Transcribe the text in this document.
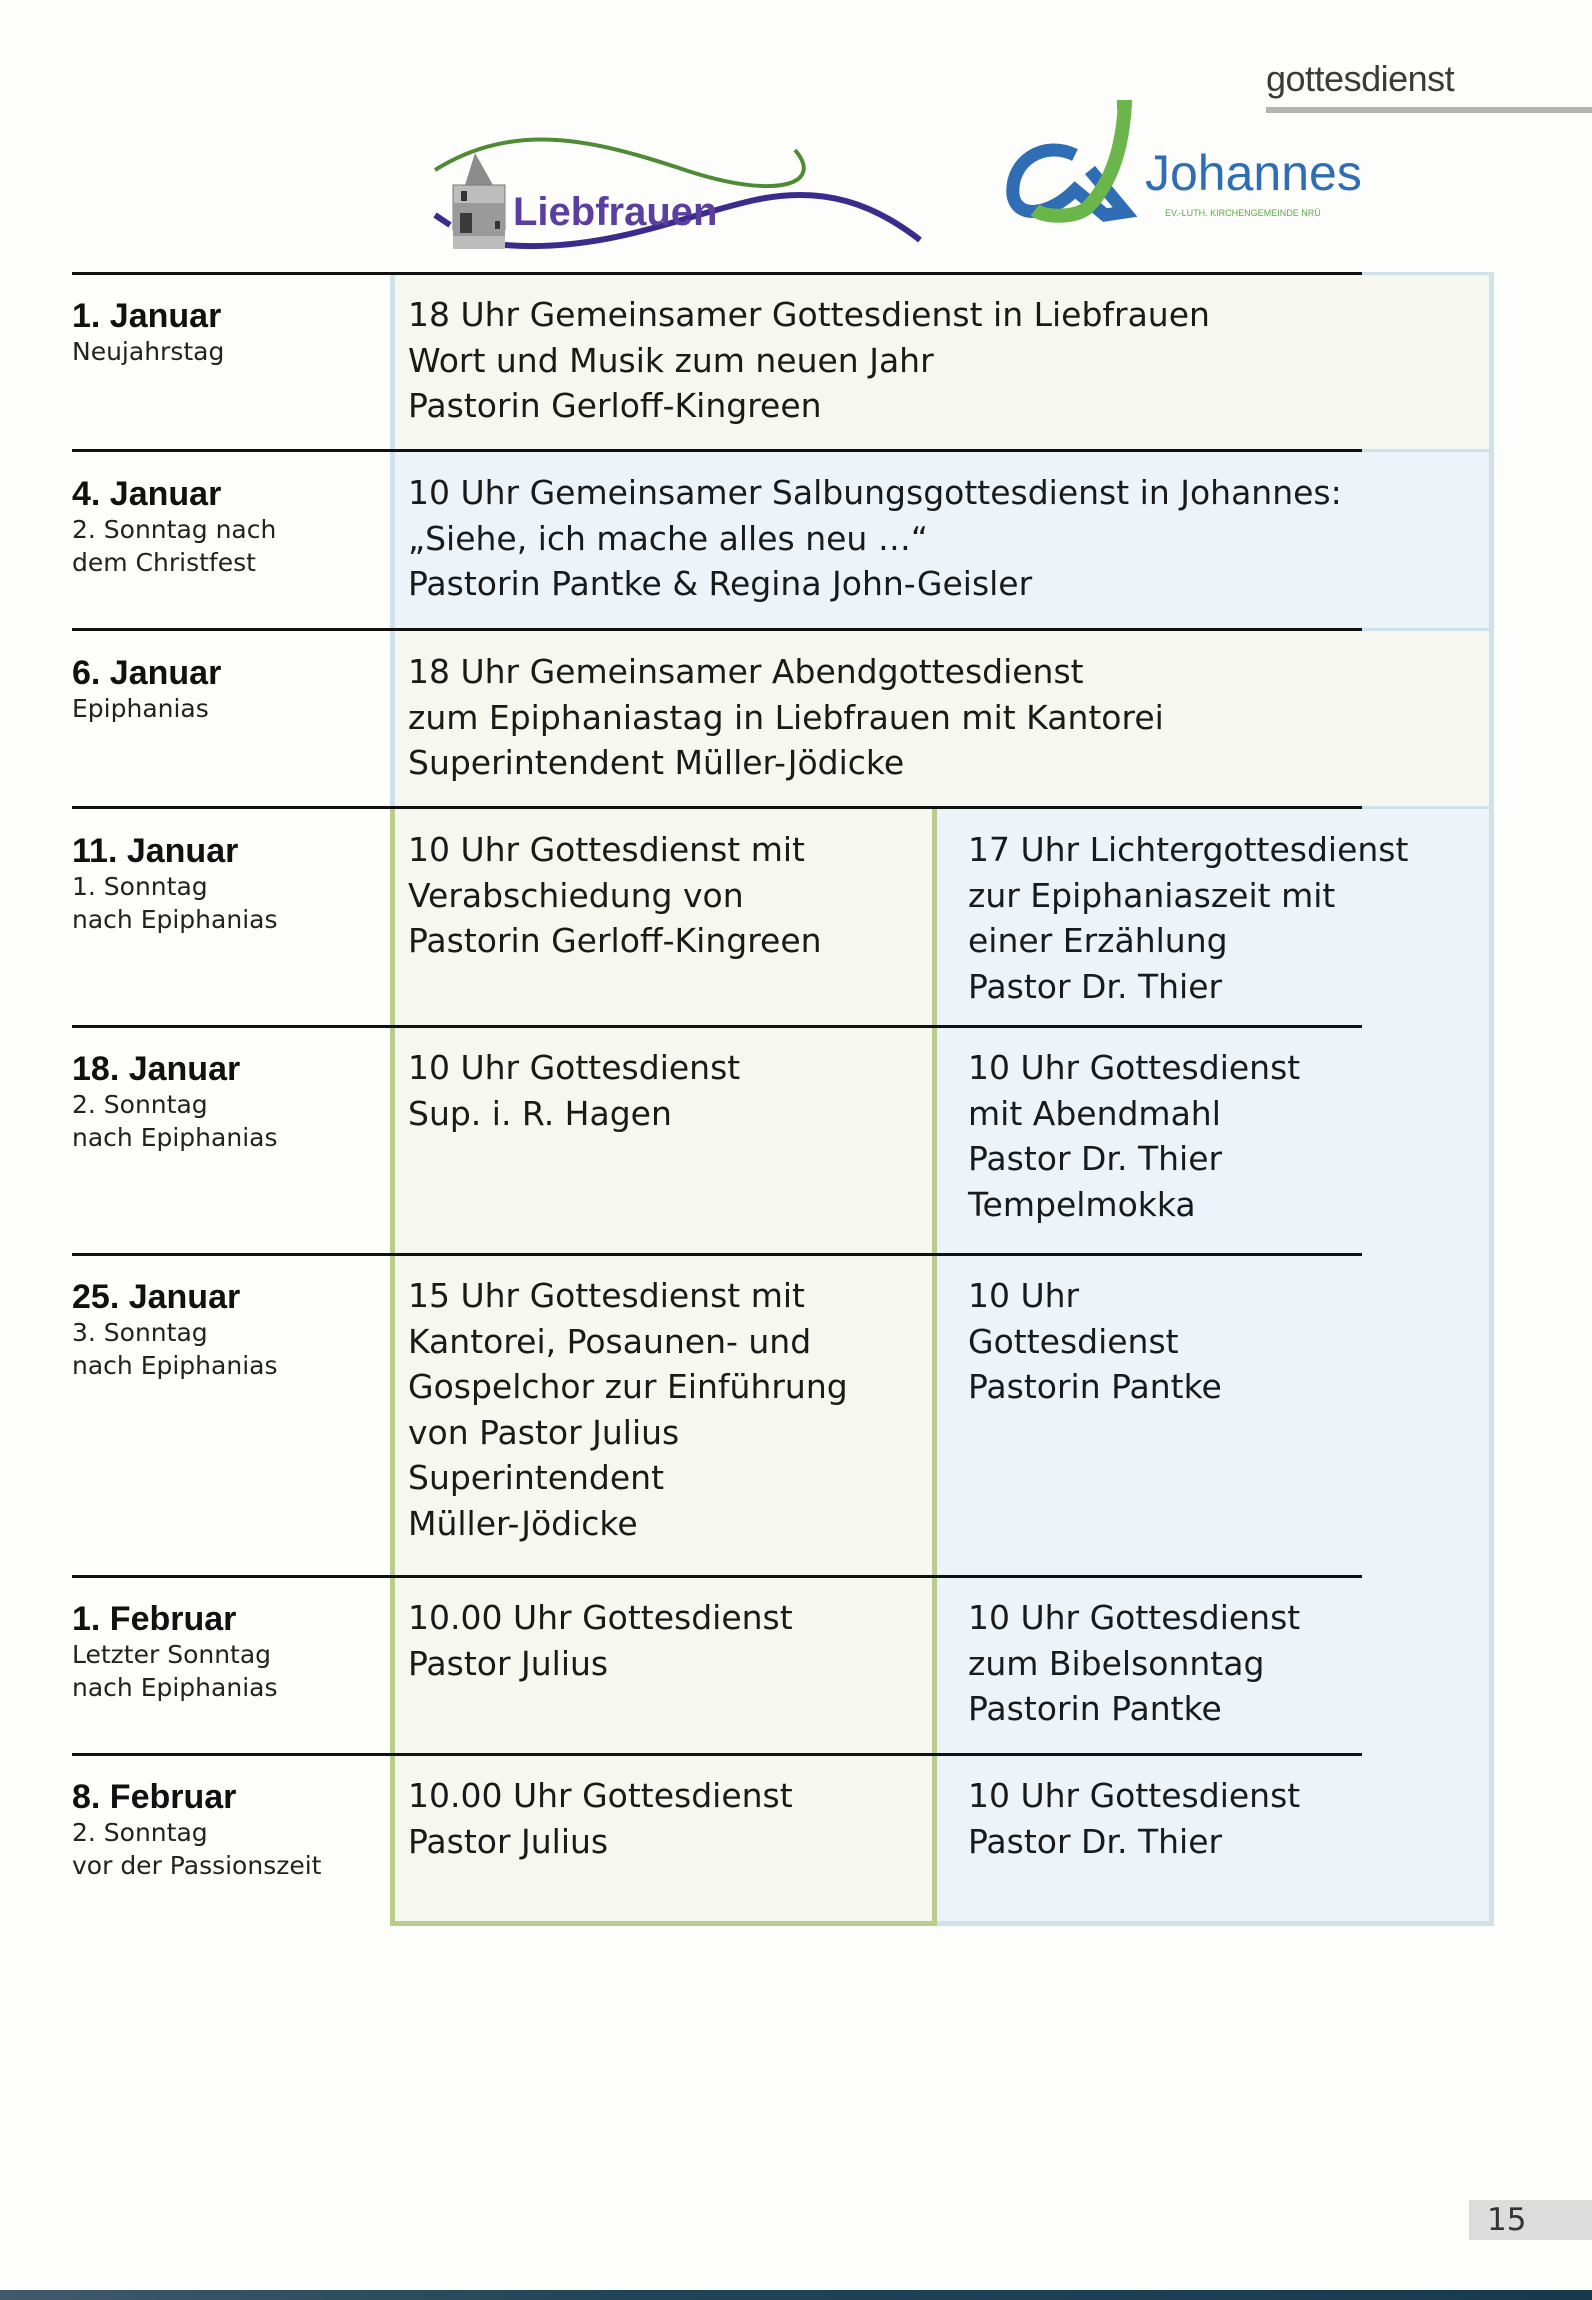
gottesdienst
Liebfrauen
Johannes
EV.-LUTH. KIRCHENGEMEINDE NRÜ
1. Januar
Neujahrstag
18 Uhr Gemeinsamer Gottesdienst in Liebfrauen
Wort und Musik zum neuen Jahr
Pastorin Gerloff-Kingreen
4. Januar
2. Sonntag nach
dem Christfest
10 Uhr Gemeinsamer Salbungsgottesdienst in Johannes:
„Siehe, ich mache alles neu …“
Pastorin Pantke & Regina John-Geisler
6. Januar
Epiphanias
18 Uhr Gemeinsamer Abendgottesdienst
zum Epiphaniastag in Liebfrauen mit Kantorei
Superintendent Müller-Jödicke
11. Januar
1. Sonntag
nach Epiphanias
10 Uhr Gottesdienst mit
Verabschiedung von
Pastorin Gerloff-Kingreen
17 Uhr Lichtergottesdienst
zur Epiphaniaszeit mit
einer Erzählung
Pastor Dr. Thier
18. Januar
2. Sonntag
nach Epiphanias
10 Uhr Gottesdienst
Sup. i. R. Hagen
10 Uhr Gottesdienst
mit Abendmahl
Pastor Dr. Thier
Tempelmokka
25. Januar
3. Sonntag
nach Epiphanias
15 Uhr Gottesdienst mit
Kantorei, Posaunen- und
Gospelchor zur Einführung
von Pastor Julius
Superintendent
Müller-Jödicke
10 Uhr
Gottesdienst
Pastorin Pantke
1. Februar
Letzter Sonntag
nach Epiphanias
10.00 Uhr Gottesdienst
Pastor Julius
10 Uhr Gottesdienst
zum Bibelsonntag
Pastorin Pantke
8. Februar
2. Sonntag
vor der Passionszeit
10.00 Uhr Gottesdienst
Pastor Julius
10 Uhr Gottesdienst
Pastor Dr. Thier
15
